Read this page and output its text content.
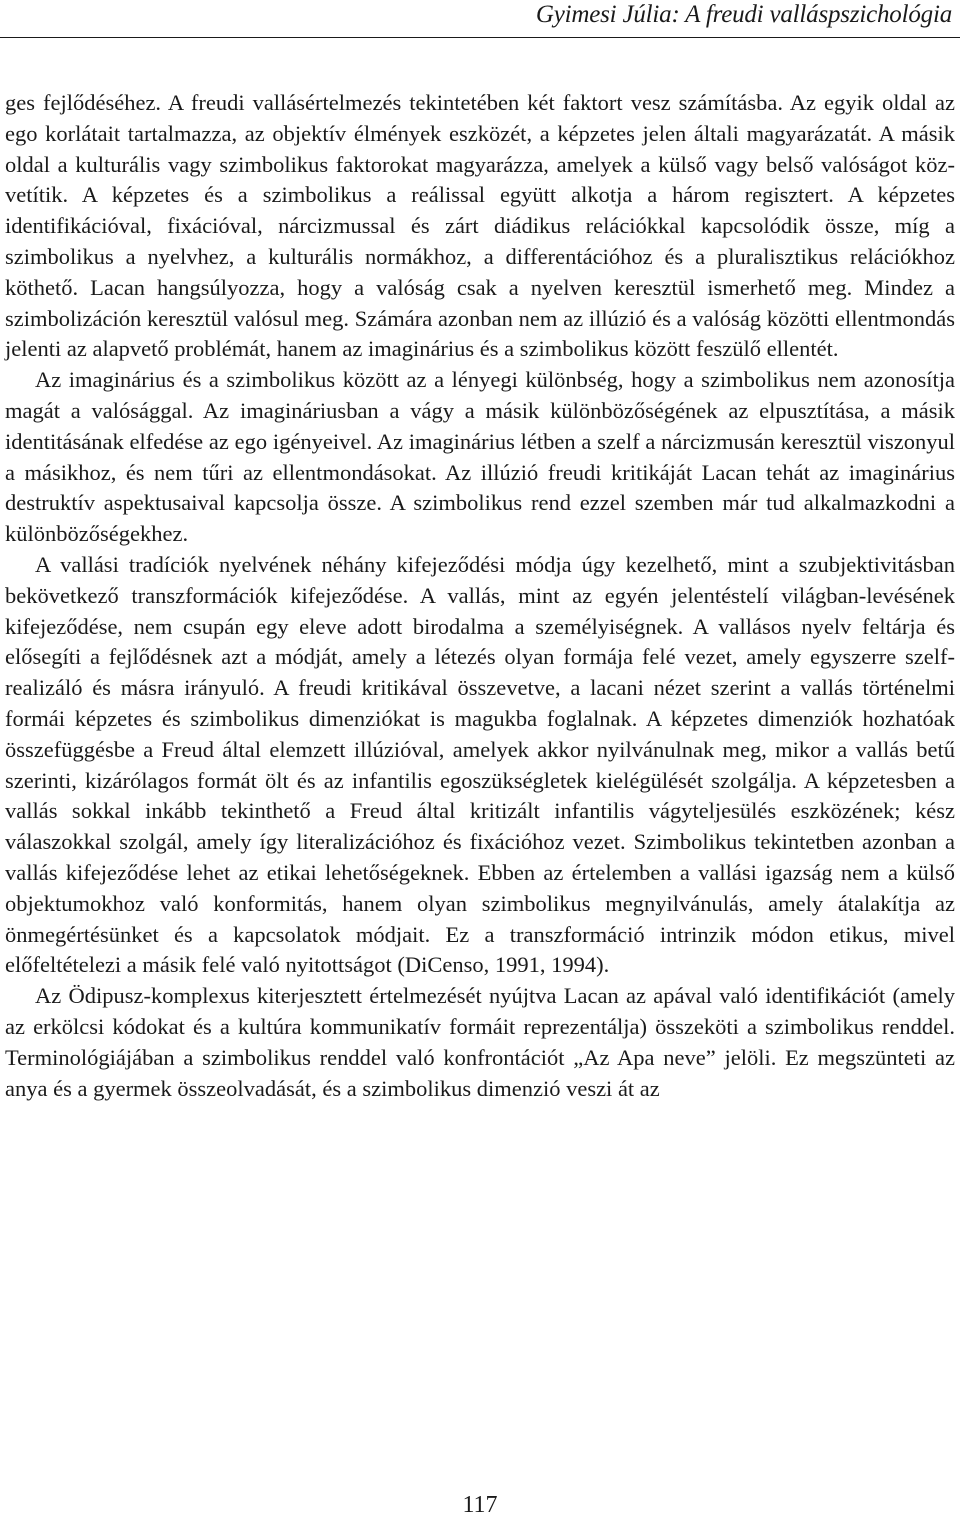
Gyimesi Júlia: A freudi valláspszichológia

ges fejlődéséhez. A freudi vallásértelmezés tekintetében két faktort vesz számításba. Az egyik oldal az ego korlátait tartalmazza, az objektív élmények eszközét, a képzetes jelen általi magyarázatát. A másik oldal a kulturális vagy szimbolikus faktorokat magyarázza, amelyek a külső vagy belső valóságot közvetítik. A képzetes és a szimbolikus a reálissal együtt alkotja a három regisztert. A képzetes identifikációval, fixációval, nárcizmussal és zárt diádikus relációkkal kapcsolódik össze, míg a szimbolikus a nyelvhez, a kulturális normákhoz, a differentációhoz és a pluralisztikus relációkhoz köthető. Lacan hangsúlyozza, hogy a valóság csak a nyelven keresztül ismerhető meg. Mindez a szimbolizáción keresztül valósul meg. Számára azonban nem az illúzió és a valóság közötti ellentmondás jelenti az alapvető problémát, hanem az imaginárius és a szimbolikus között feszülő ellentét.

Az imaginárius és a szimbolikus között az a lényegi különbség, hogy a szimbolikus nem azonosítja magát a valósággal. Az imagináriusban a vágy a másik különbözőségének az elpusztítása, a másik identitásának elfedése az ego igényeivel. Az imaginárius létben a szelf a nárcizmusán keresztül viszonyul a másikhoz, és nem tűri az ellentmondásokat. Az illúzió freudi kritikáját Lacan tehát az imaginárius destruktív aspektusaival kapcsolja össze. A szimbolikus rend ezzel szemben már tud alkalmazkodni a különbözőségekhez.

A vallási tradíciók nyelvének néhány kifejeződési módja úgy kezelhető, mint a szubjektivitásban bekövetkező transzformációk kifejeződése. A vallás, mint az egyén jelentéstelí világban-levésének kifejeződése, nem csupán egy eleve adott birodalma a személyiségnek. A vallásos nyelv feltárja és elősegíti a fejlődésnek azt a módját, amely a létezés olyan formája felé vezet, amely egyszerre szelf-realizáló és másra irányuló. A freudi kritikával összevetve, a lacani nézet szerint a vallás történelmi formái képzetes és szimbolikus dimenziókat is magukba foglalnak. A képzetes dimenziók hozhatóak összefüggésbe a Freud által elemzett illúzióval, amelyek akkor nyilvánulnak meg, mikor a vallás betű szerinti, kizárólagos formát ölt és az infantilis egoszükségletek kielégülését szolgálja. A képzetesben a vallás sokkal inkább tekinthető a Freud által kritizált infantilis vágyteljesülés eszközének; kész válaszokkal szolgál, amely így literalizációhoz és fixációhoz vezet. Szimbolikus tekintetben azonban a vallás kifejeződése lehet az etikai lehetőségeknek. Ebben az értelemben a vallási igazság nem a külső objektumokhoz való konformitás, hanem olyan szimbolikus megnyilvánulás, amely átalakítja az önmegértésünket és a kapcsolatok módjait. Ez a transzformáció intrinzik módon etikus, mivel előfeltételezi a másik felé való nyitottságot (DiCenso, 1991, 1994).

Az Ödipusz-komplexus kiterjesztett értelmezését nyújtva Lacan az apával való identifikációt (amely az erkölcsi kódokat és a kultúra kommunikatív formáit reprezentálja) összeköti a szimbolikus renddel. Terminológiájában a szimbolikus renddel való konfrontációt „Az Apa neve” jelöli. Ez megszünteti az anya és a gyermek összeolvadását, és a szimbolikus dimenzió veszi át az

117
